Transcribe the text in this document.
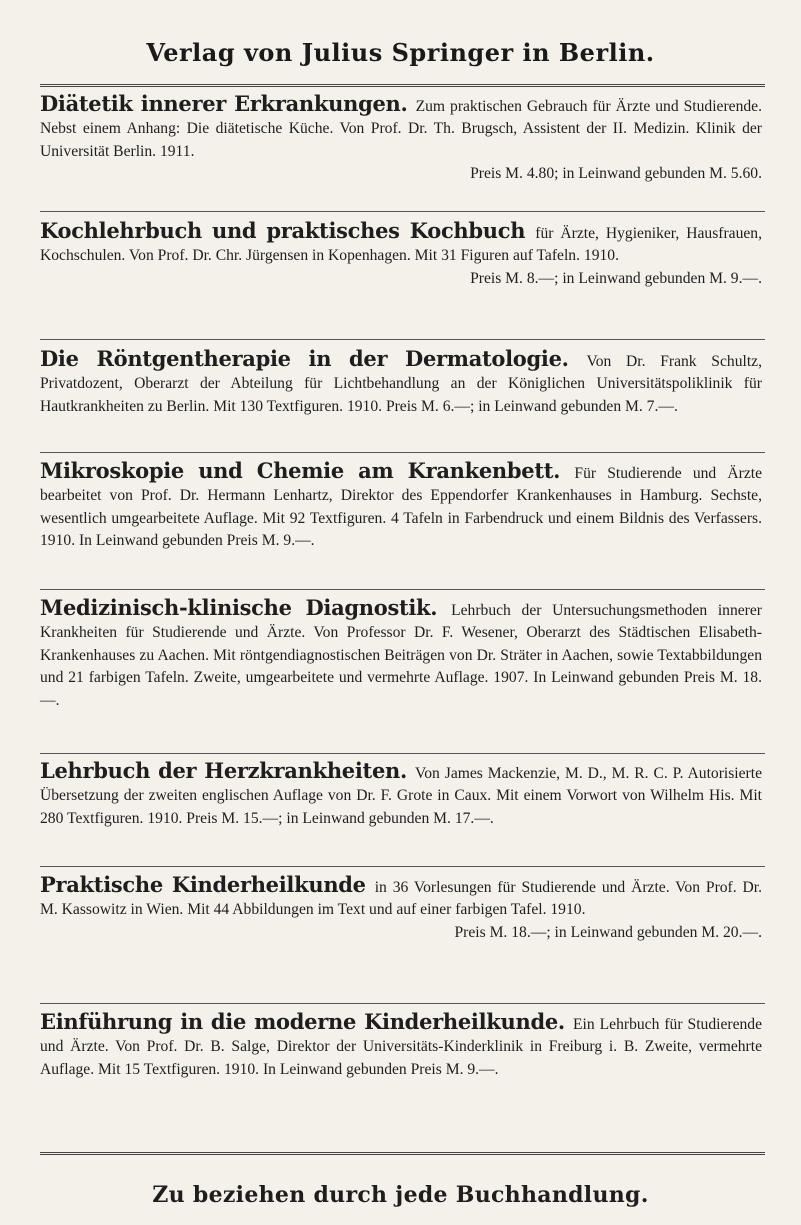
Verlag von Julius Springer in Berlin.
Diätetik innerer Erkrankungen. Zum praktischen Gebrauch für Ärzte und Studierende. Nebst einem Anhang: Die diätetische Küche. Von Prof. Dr. Th. Brugsch, Assistent der II. Medizin. Klinik der Universität Berlin. 1911.
Preis M. 4.80; in Leinwand gebunden M. 5.60.
Kochlehrbuch und praktisches Kochbuch für Ärzte, Hygieniker, Hausfrauen, Kochschulen. Von Prof. Dr. Chr. Jürgensen in Kopenhagen. Mit 31 Figuren auf Tafeln. 1910.
Preis M. 8.—; in Leinwand gebunden M. 9.—.
Die Röntgentherapie in der Dermatologie. Von Dr. Frank Schultz, Privatdozent, Oberarzt der Abteilung für Lichtbehandlung an der Königlichen Universitätspoliklinik für Hautkrankheiten zu Berlin. Mit 130 Textfiguren. 1910. Preis M. 6.—; in Leinwand gebunden M. 7.—.
Mikroskopie und Chemie am Krankenbett. Für Studierende und Ärzte bearbeitet von Prof. Dr. Hermann Lenhartz, Direktor des Eppendorfer Krankenhauses in Hamburg. Sechste, wesentlich umgearbeitete Auflage. Mit 92 Textfiguren. 4 Tafeln in Farbendruck und einem Bildnis des Verfassers. 1910. In Leinwand gebunden Preis M. 9.—.
Medizinisch-klinische Diagnostik. Lehrbuch der Untersuchungsmethoden innerer Krankheiten für Studierende und Ärzte. Von Professor Dr. F. Wesener, Oberarzt des Städtischen Elisabeth-Krankenhauses zu Aachen. Mit röntgendiagnostischen Beiträgen von Dr. Sträter in Aachen, sowie Textabbildungen und 21 farbigen Tafeln. Zweite, umgearbeitete und vermehrte Auflage. 1907. In Leinwand gebunden Preis M. 18.—.
Lehrbuch der Herzkrankheiten. Von James Mackenzie, M. D., M. R. C. P. Autorisierte Übersetzung der zweiten englischen Auflage von Dr. F. Grote in Caux. Mit einem Vorwort von Wilhelm His. Mit 280 Textfiguren. 1910. Preis M. 15.—; in Leinwand gebunden M. 17.—.
Praktische Kinderheilkunde in 36 Vorlesungen für Studierende und Ärzte. Von Prof. Dr. M. Kassowitz in Wien. Mit 44 Abbildungen im Text und auf einer farbigen Tafel. 1910.
Preis M. 18.—; in Leinwand gebunden M. 20.—.
Einführung in die moderne Kinderheilkunde. Ein Lehrbuch für Studierende und Ärzte. Von Prof. Dr. B. Salge, Direktor der Universitäts-Kinderklinik in Freiburg i. B. Zweite, vermehrte Auflage. Mit 15 Textfiguren. 1910. In Leinwand gebunden Preis M. 9.—.
Zu beziehen durch jede Buchhandlung.
